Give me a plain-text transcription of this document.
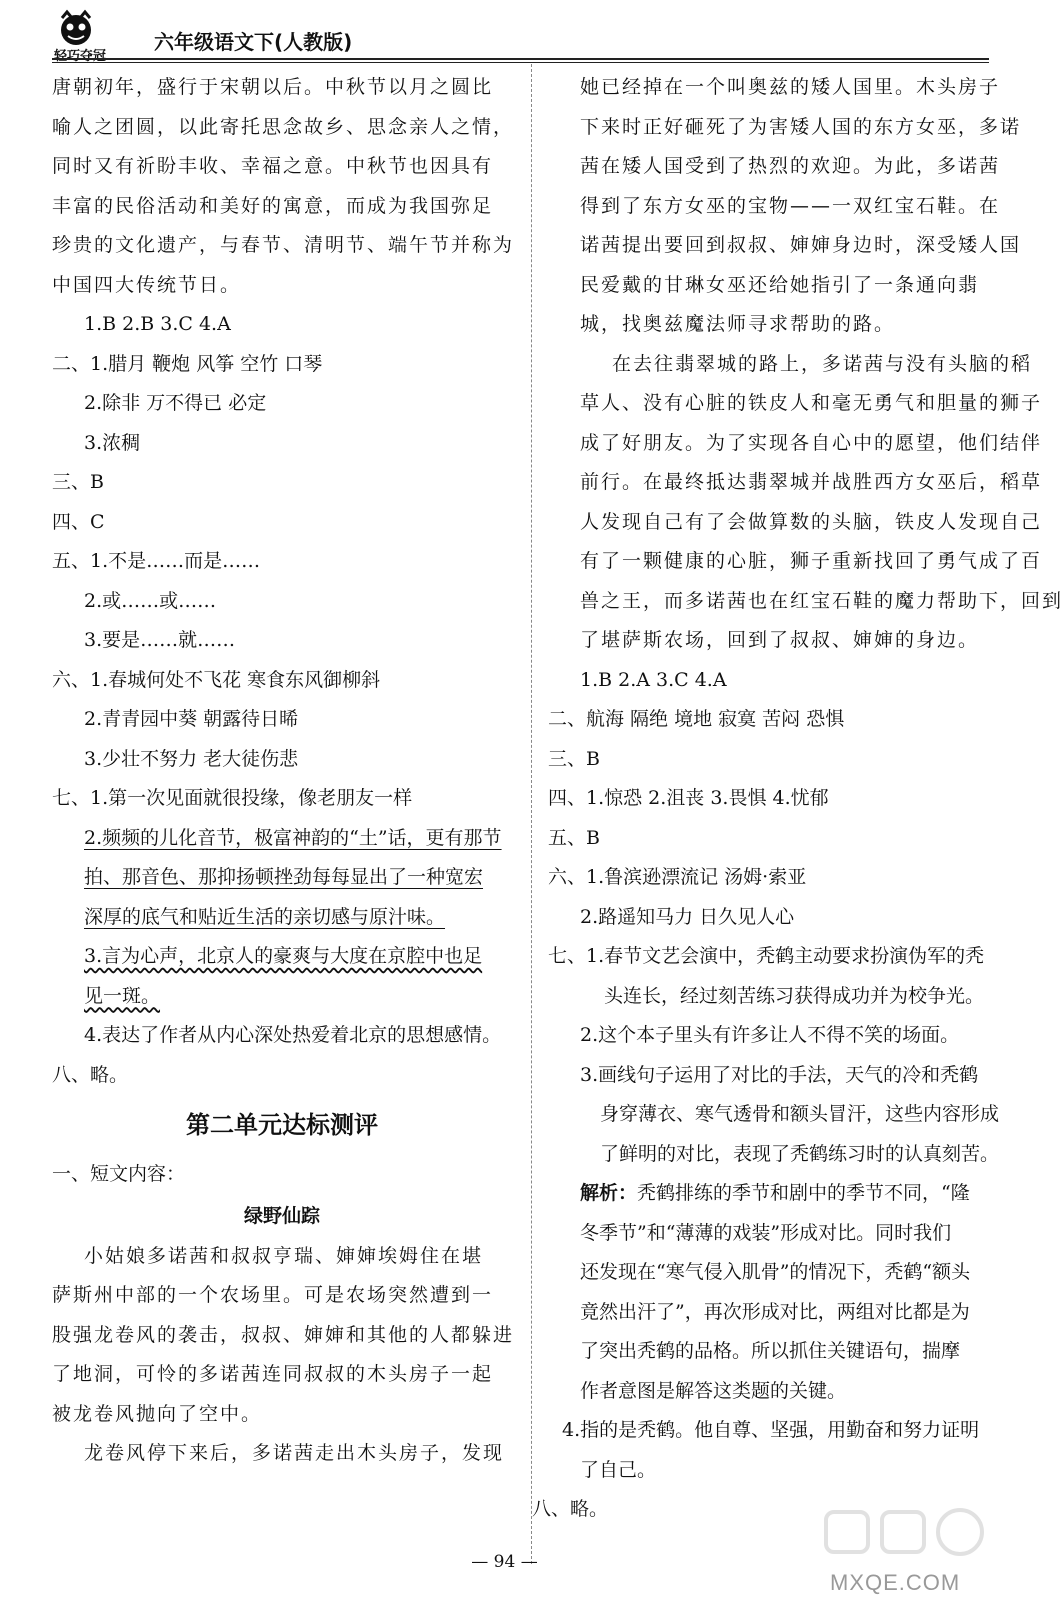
轻巧夺冠
六年级语文下(人教版)
唐朝初年，盛行于宋朝以后。中秋节以月之圆比
喻人之团圆，以此寄托思念故乡、思念亲人之情，
同时又有祈盼丰收、幸福之意。中秋节也因具有
丰富的民俗活动和美好的寓意，而成为我国弥足
珍贵的文化遗产，与春节、清明节、端午节并称为
中国四大传统节日。
1.B 2.B 3.C 4.A
二、1.腊月 鞭炮 风筝 空竹 口琴
2.除非 万不得已 必定
3.浓稠
三、B
四、C
五、1.不是……而是……
2.或……或……
3.要是……就……
六、1.春城何处不飞花 寒食东风御柳斜
2.青青园中葵 朝露待日晞
3.少壮不努力 老大徒伤悲
七、1.第一次见面就很投缘，像老朋友一样
2.频频的儿化音节，极富神韵的“土”话，更有那节
拍、那音色、那抑扬顿挫劲每每显出了一种宽宏
深厚的底气和贴近生活的亲切感与原汁味。
3.言为心声，北京人的豪爽与大度在京腔中也足
见一斑。
4.表达了作者从内心深处热爱着北京的思想感情。
八、略。
第二单元达标测评
一、短文内容：
绿野仙踪
小姑娘多诺茜和叔叔亨瑞、婶婶埃姆住在堪
萨斯州中部的一个农场里。可是农场突然遭到一
股强龙卷风的袭击，叔叔、婶婶和其他的人都躲进
了地洞，可怜的多诺茜连同叔叔的木头房子一起
被龙卷风抛向了空中。
龙卷风停下来后，多诺茜走出木头房子，发现
她已经掉在一个叫奥兹的矮人国里。木头房子
下来时正好砸死了为害矮人国的东方女巫，多诺
茜在矮人国受到了热烈的欢迎。为此，多诺茜
得到了东方女巫的宝物——一双红宝石鞋。在
诺茜提出要回到叔叔、婶婶身边时，深受矮人国
民爱戴的甘琳女巫还给她指引了一条通向翡
城，找奥兹魔法师寻求帮助的路。
在去往翡翠城的路上，多诺茜与没有头脑的稻
草人、没有心脏的铁皮人和毫无勇气和胆量的狮子
成了好朋友。为了实现各自心中的愿望，他们结伴
前行。在最终抵达翡翠城并战胜西方女巫后，稻草
人发现自己有了会做算数的头脑，铁皮人发现自己
有了一颗健康的心脏，狮子重新找回了勇气成了百
兽之王，而多诺茜也在红宝石鞋的魔力帮助下，回到
了堪萨斯农场，回到了叔叔、婶婶的身边。
1.B 2.A 3.C 4.A
二、航海 隔绝 境地 寂寞 苦闷 恐惧
三、B
四、1.惊恐 2.沮丧 3.畏惧 4.忧郁
五、B
六、1.鲁滨逊漂流记 汤姆·索亚
2.路遥知马力 日久见人心
七、1.春节文艺会演中，秃鹤主动要求扮演伪军的秃
头连长，经过刻苦练习获得成功并为校争光。
2.这个本子里头有许多让人不得不笑的场面。
3.画线句子运用了对比的手法，天气的冷和秃鹤
身穿薄衣、寒气透骨和额头冒汗，这些内容形成
了鲜明的对比，表现了秃鹤练习时的认真刻苦。
解析：秃鹤排练的季节和剧中的季节不同，“隆
冬季节”和“薄薄的戏装”形成对比。同时我们
还发现在“寒气侵入肌骨”的情况下，秃鹤“额头
竟然出汗了”，再次形成对比，两组对比都是为
了突出秃鹤的品格。所以抓住关键语句，揣摩
作者意图是解答这类题的关键。
4.指的是秃鹤。他自尊、坚强，用勤奋和努力证明
了自己。
八、略。
— 94 —
MXQE.COM
